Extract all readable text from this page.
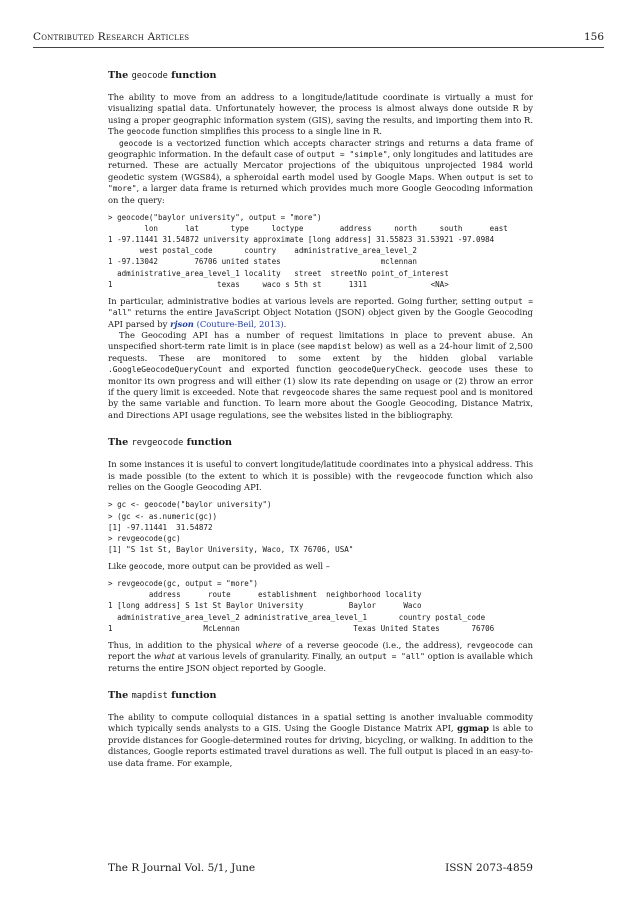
Contributed Research Articles	156
The geocode function

The ability to move from an address to a longitude/latitude coordinate is virtually a must for visualizing spatial data. Unfortunately however, the process is almost always done outside R by using a proper geographic information system (GIS), saving the results, and importing them into R. The geocode function simplifies this process to a single line in R.

geocode is a vectorized function which accepts character strings and returns a data frame of geographic information. In the default case of output = "simple", only longitudes and latitudes are returned. These are actually Mercator projections of the ubiquitous unprojected 1984 world geodetic system (WGS84), a spheroidal earth model used by Google Maps. When output is set to "more", a larger data frame is returned which provides much more Google Geocoding information on the query:

> geocode("baylor university", output = "more")
lon      lat       type     loctype        address     north     south      east
1 -97.11441 31.54872 university approximate [long address] 31.55823 31.53921 -97.0984
west postal_code       country    administrative_area_level_2
1 -97.13042        76706 united states                      mclennan
administrative_area_level_1 locality   street  streetNo point_of_interest
1                       texas     waco s 5th st      1311              <NA>

In particular, administrative bodies at various levels are reported. Going further, setting output = "all" returns the entire JavaScript Object Notation (JSON) object given by the Google Geocoding API parsed by rjson (Couture-Beil, 2013).

The Geocoding API has a number of request limitations in place to prevent abuse. An unspecified short-term rate limit is in place (see mapdist below) as well as a 24-hour limit of 2,500 requests. These are monitored to some extent by the hidden global variable .GoogleGeocodeQueryCount and exported function geocodeQueryCheck. geocode uses these to monitor its own progress and will either (1) slow its rate depending on usage or (2) throw an error if the query limit is exceeded. Note that revgeocode shares the same request pool and is monitored by the same variable and function. To learn more about the Google Geocoding, Distance Matrix, and Directions API usage regulations, see the websites listed in the bibliography.

The revgeocode function

In some instances it is useful to convert longitude/latitude coordinates into a physical address. This is made possible (to the extent to which it is possible) with the revgeocode function which also relies on the Google Geocoding API.

> gc <- geocode("baylor university")
> (gc <- as.numeric(gc))
[1] -97.11441  31.54872
> revgeocode(gc)
[1] "S 1st St, Baylor University, Waco, TX 76706, USA"

Like geocode, more output can be provided as well –

> revgeocode(gc, output = "more")
address      route      establishment  neighborhood locality
1 [long address] S 1st St Baylor University          Baylor      Waco
administrative_area_level_2 administrative_area_level_1       country postal_code
1                    McLennan                         Texas United States       76706

Thus, in addition to the physical where of a reverse geocode (i.e., the address), revgeocode can report the what at various levels of granularity. Finally, an output = "all" option is available which returns the entire JSON object reported by Google.

The mapdist function

The ability to compute colloquial distances in a spatial setting is another invaluable commodity which typically sends analysts to a GIS. Using the Google Distance Matrix API, ggmap is able to provide distances for Google-determined routes for driving, bicycling, or walking. In addition to the distances, Google reports estimated travel durations as well. The full output is placed in an easy-to-use data frame. For example,

The R Journal Vol. 5/1, June	ISSN 2073-4859
